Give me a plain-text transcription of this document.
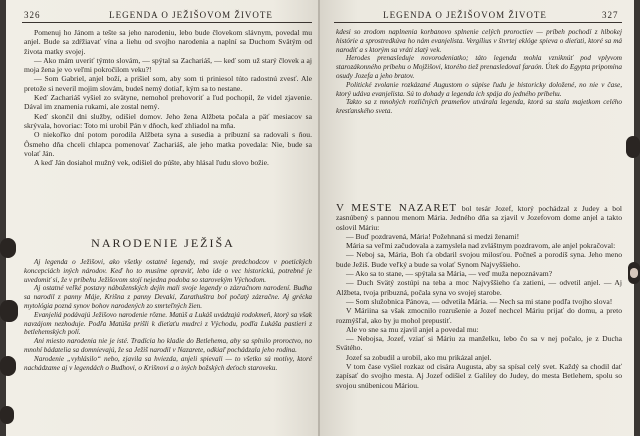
326	LEGENDA O JEŽIŠOVOM ŽIVOTE

Pomenuj ho Jánom a tešte sa jeho narodeniu, lebo bude človekom slávnym, povedal mu anjel. Bude sa zdŕžiavať vína a liehu od svojho narodenia a naplní sa Duchom Svätým od života matky svojej.

— Ako mám uveriť týmto slovám, — spýtal sa Zachariáš, — keď som už starý človek a aj moja žena je vo veľmi pokročilom veku?!

— Som Gabriel, anjel boží, a prišiel som, aby som ti priniesol túto radostnú zvesť. Ale pretože si neveril mojim slovám, budeš nemý dotiaľ, kým sa to nestane.

Keď Zachariáš vyšiel zo svätyne, nemohol prehovoriť a ľud pochopil, že videl zjavenie. Dával im znamenia rukami, ale zostal nemý.

Keď skončil dni služby, odišiel domov. Jeho žena Alžbeta počala a päť mesiacov sa skrývala, hovoriac: Toto mi urobil Pán v dňoch, keď zhliadol na mňa.

O niekoľko dní potom porodila Alžbeta syna a susedia a príbuzní sa radovali s ňou. Ôsmeho dňa chceli chlapca pomenovať Zachariáš, ale jeho matka povedala: Nie, bude sa volať Ján.

A keď Ján dosiahol mužný vek, odišiel do púšte, aby hlásal ľudu slovo božie.

NARODENIE JEŽIŠA

Aj legenda o Ježišovi, ako všetky ostatné legendy, má svoje predchodcov v poetických koncepciách iných národov. Keď ho to musíme opraviť, lebo ide o vec historickú, potrebné je uvedomiť si, že v príbehu Ježišovom stojí nejedna podoba so starovekým Východom.

Aj ostatné veľké postavy náboženských dejín mali svoje legendy o zázračnom narodení. Budha sa narodil z panny Máje, Krišna z panny Devaki, Zarathuštra bol počatý zázračne. Aj grécka mytológia pozná synov bohov narodených zo smrteľných žien.

Evanjeliá podávajú Ježišovo narodenie rôzne. Matúš a Lukáš uvádzajú rodokmeň, ktorý sa však navzájom nezhoduje. Podľa Matúša prišli k dieťaťu mudrci z Východu, podľa Lukáša pastieri z betlehemských polí.

Ani miesto narodenia nie je isté. Tradícia ho kladie do Betlehema, aby sa splnilo proroctvo, no mnohí bádatelia sa domnievajú, že sa Ježiš narodil v Nazarete, odkiaľ pochádzala jeho rodina.

Narodenie „vyhlásilo“ nebo, zjavila sa hviezda, anjeli spievali — to všetko sú motívy, ktoré nachádzame aj v legendách o Budhovi, o Krišnovi a o iných božských deťoch staroveku.

LEGENDA O JEŽIŠOVOM ŽIVOTE	327

kdesi so zrodom naplnenia korbanovo splnenie celých proroctiev — príbeh pochodí z hlbokej histórie a sprostredkúva ho nám evanjelista. Vergílius v štvrtej eklóge spieva o dieťati, ktoré sa má narodiť a s ktorým sa vráti zlatý vek.

Herodes prenasleduje novorodeniatko; táto legenda mohla vzniknúť pod vplyvom starozákonného príbehu o Mojžišovi, ktorého tiež prenasledoval faraón. Útek do Egypta pripomína osudy Jozefa a jeho bratov.

Politické zvolanie rozkázané Augustom o súpise ľudu je historicky doložené, no nie v čase, ktorý udáva evanjelista. Sú to dohady a legenda ich spája do jedného príbehu.

Takto sa z mnohých rozličných prameňov utvárala legenda, ktorá sa stala majetkom celého kresťanského sveta.

V MESTE NAZARET bol tesár Jozef, ktorý pochádzal z Judey a bol zasnúbený s pannou menom Mária. Jedného dňa sa zjavil v Jozefovom dome anjel a takto oslovil Máriu:

— Buď pozdravená, Mária! Požehnaná si medzi ženami!

Mária sa veľmi začudovala a zamyslela nad zvláštnym pozdravom, ale anjel pokračoval:

— Neboj sa, Mária, Boh ťa obdaril svojou milosťou. Počneš a porodíš syna. Jeho meno bude Ježiš. Bude veľký a bude sa volať Synom Najvyššieho.

— Ako sa to stane, — spýtala sa Mária, — veď muža nepoznávam?

— Duch Svätý zostúpi na teba a moc Najvyššieho ťa zatieni, — odvetil anjel. — Aj Alžbeta, tvoja príbuzná, počala syna vo svojej starobe.

— Som služobnica Pánova, — odvetila Mária. — Nech sa mi stane podľa tvojho slova!

V Máriina sa však zmocnilo rozrušenie a Jozef nechcel Máriu prijať do domu, a preto rozmýšľal, ako by ju mohol prepustiť.

Ale vo sne sa mu zjavil anjel a povedal mu:

— Nebojsa, Jozef, vziať si Máriu za manželku, lebo čo sa v nej počalo, je z Ducha Svätého.

Jozef sa zobudil a urobil, ako mu prikázal anjel.

V tom čase vyšiel rozkaz od cisára Augusta, aby sa spísal celý svet. Každý sa chodil dať zapísať do svojho mesta. Aj Jozef odišiel z Galiley do Judey, do mesta Betlehem, spolu so svojou snúbenicou Máriou.
